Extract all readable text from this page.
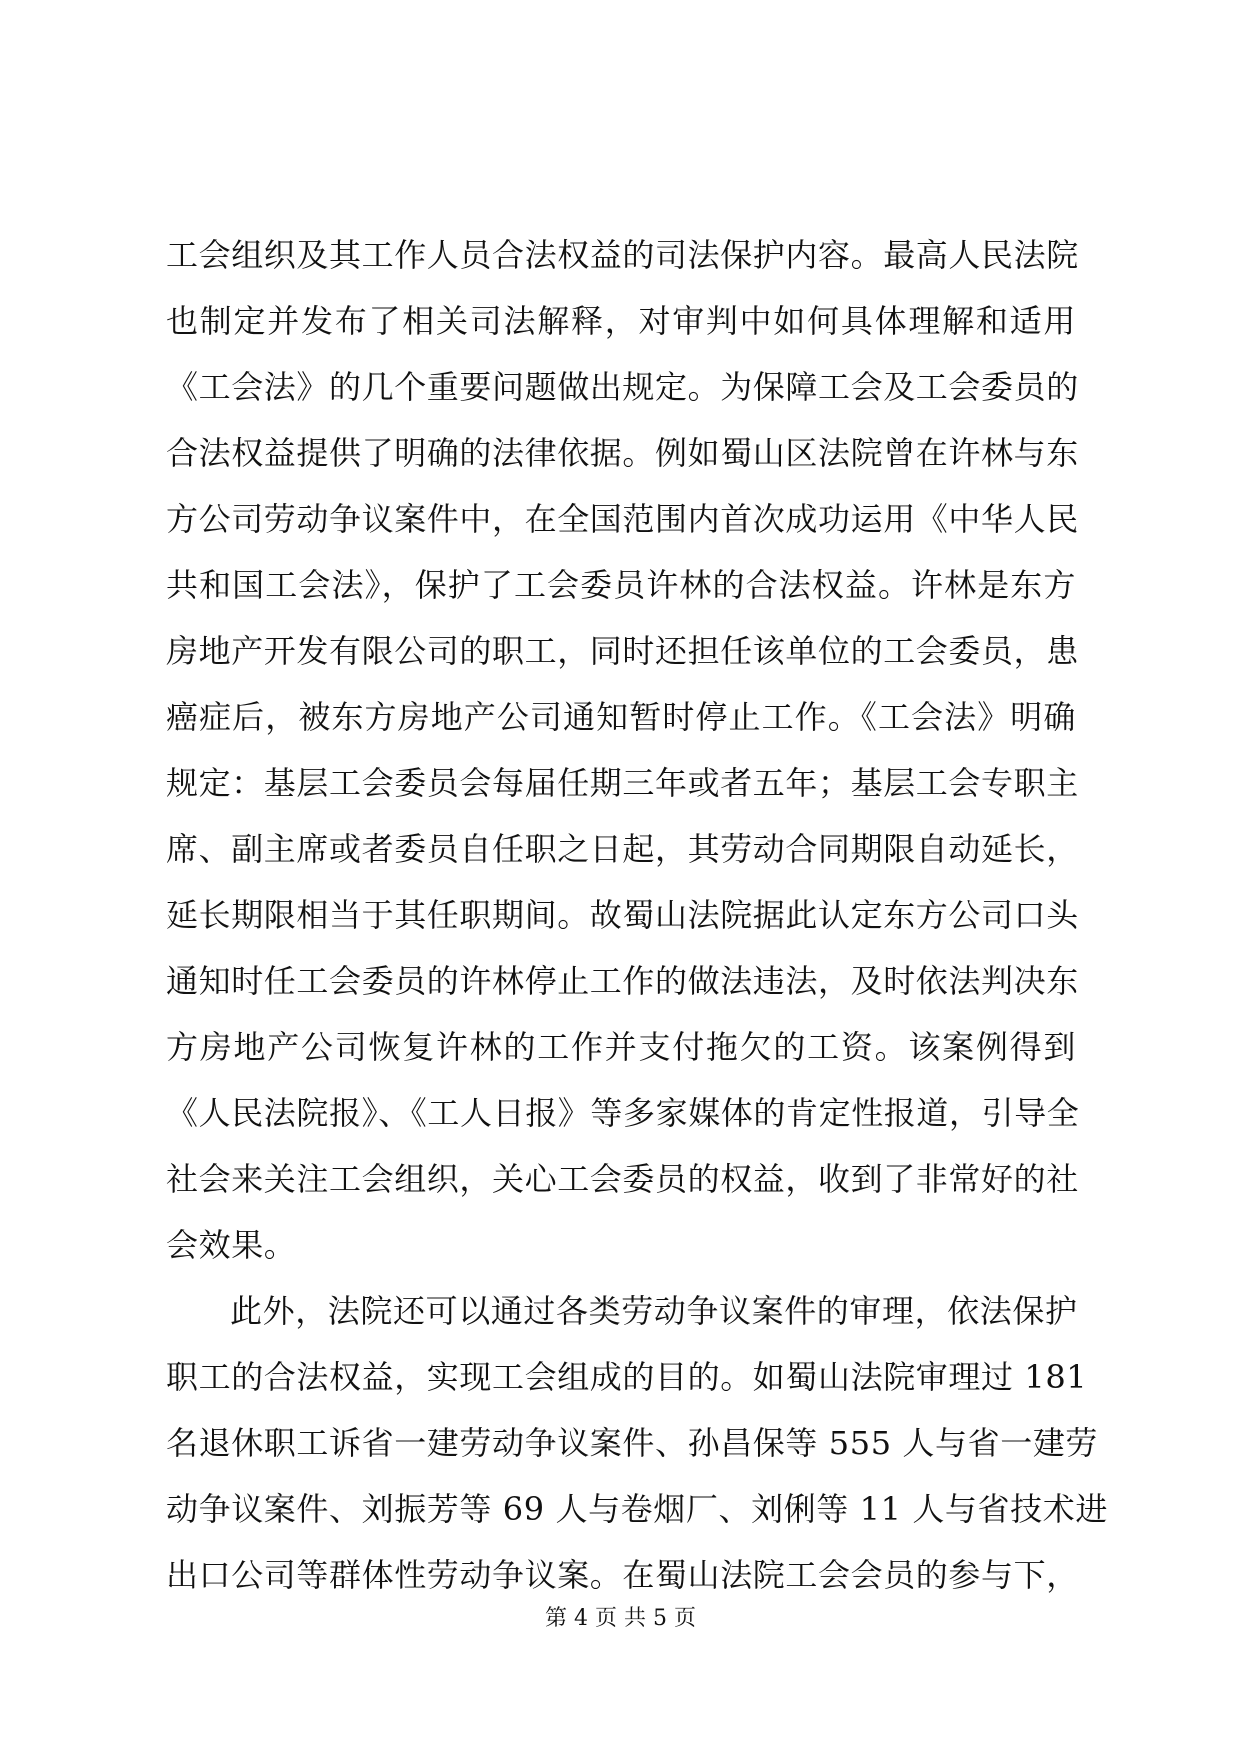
工会组织及其工作人员合法权益的司法保护内容。最高人民法院
也制定并发布了相关司法解释，对审判中如何具体理解和适用
《工会法》的几个重要问题做出规定。为保障工会及工会委员的
合法权益提供了明确的法律依据。例如蜀山区法院曾在许林与东
方公司劳动争议案件中，在全国范围内首次成功运用《中华人民
共和国工会法》，保护了工会委员许林的合法权益。许林是东方
房地产开发有限公司的职工，同时还担任该单位的工会委员，患
癌症后，被东方房地产公司通知暂时停止工作。《工会法》明确
规定：基层工会委员会每届任期三年或者五年；基层工会专职主
席、副主席或者委员自任职之日起，其劳动合同期限自动延长，
延长期限相当于其任职期间。故蜀山法院据此认定东方公司口头
通知时任工会委员的许林停止工作的做法违法，及时依法判决东
方房地产公司恢复许林的工作并支付拖欠的工资。该案例得到
《人民法院报》、《工人日报》等多家媒体的肯定性报道，引导全
社会来关注工会组织，关心工会委员的权益，收到了非常好的社
会效果。
此外，法院还可以通过各类劳动争议案件的审理，依法保护
职工的合法权益，实现工会组成的目的。如蜀山法院审理过 181
名退休职工诉省一建劳动争议案件、孙昌保等 555 人与省一建劳
动争议案件、刘振芳等 69 人与卷烟厂、刘俐等 11 人与省技术进
出口公司等群体性劳动争议案。在蜀山法院工会会员的参与下，
第 4 页 共 5 页
